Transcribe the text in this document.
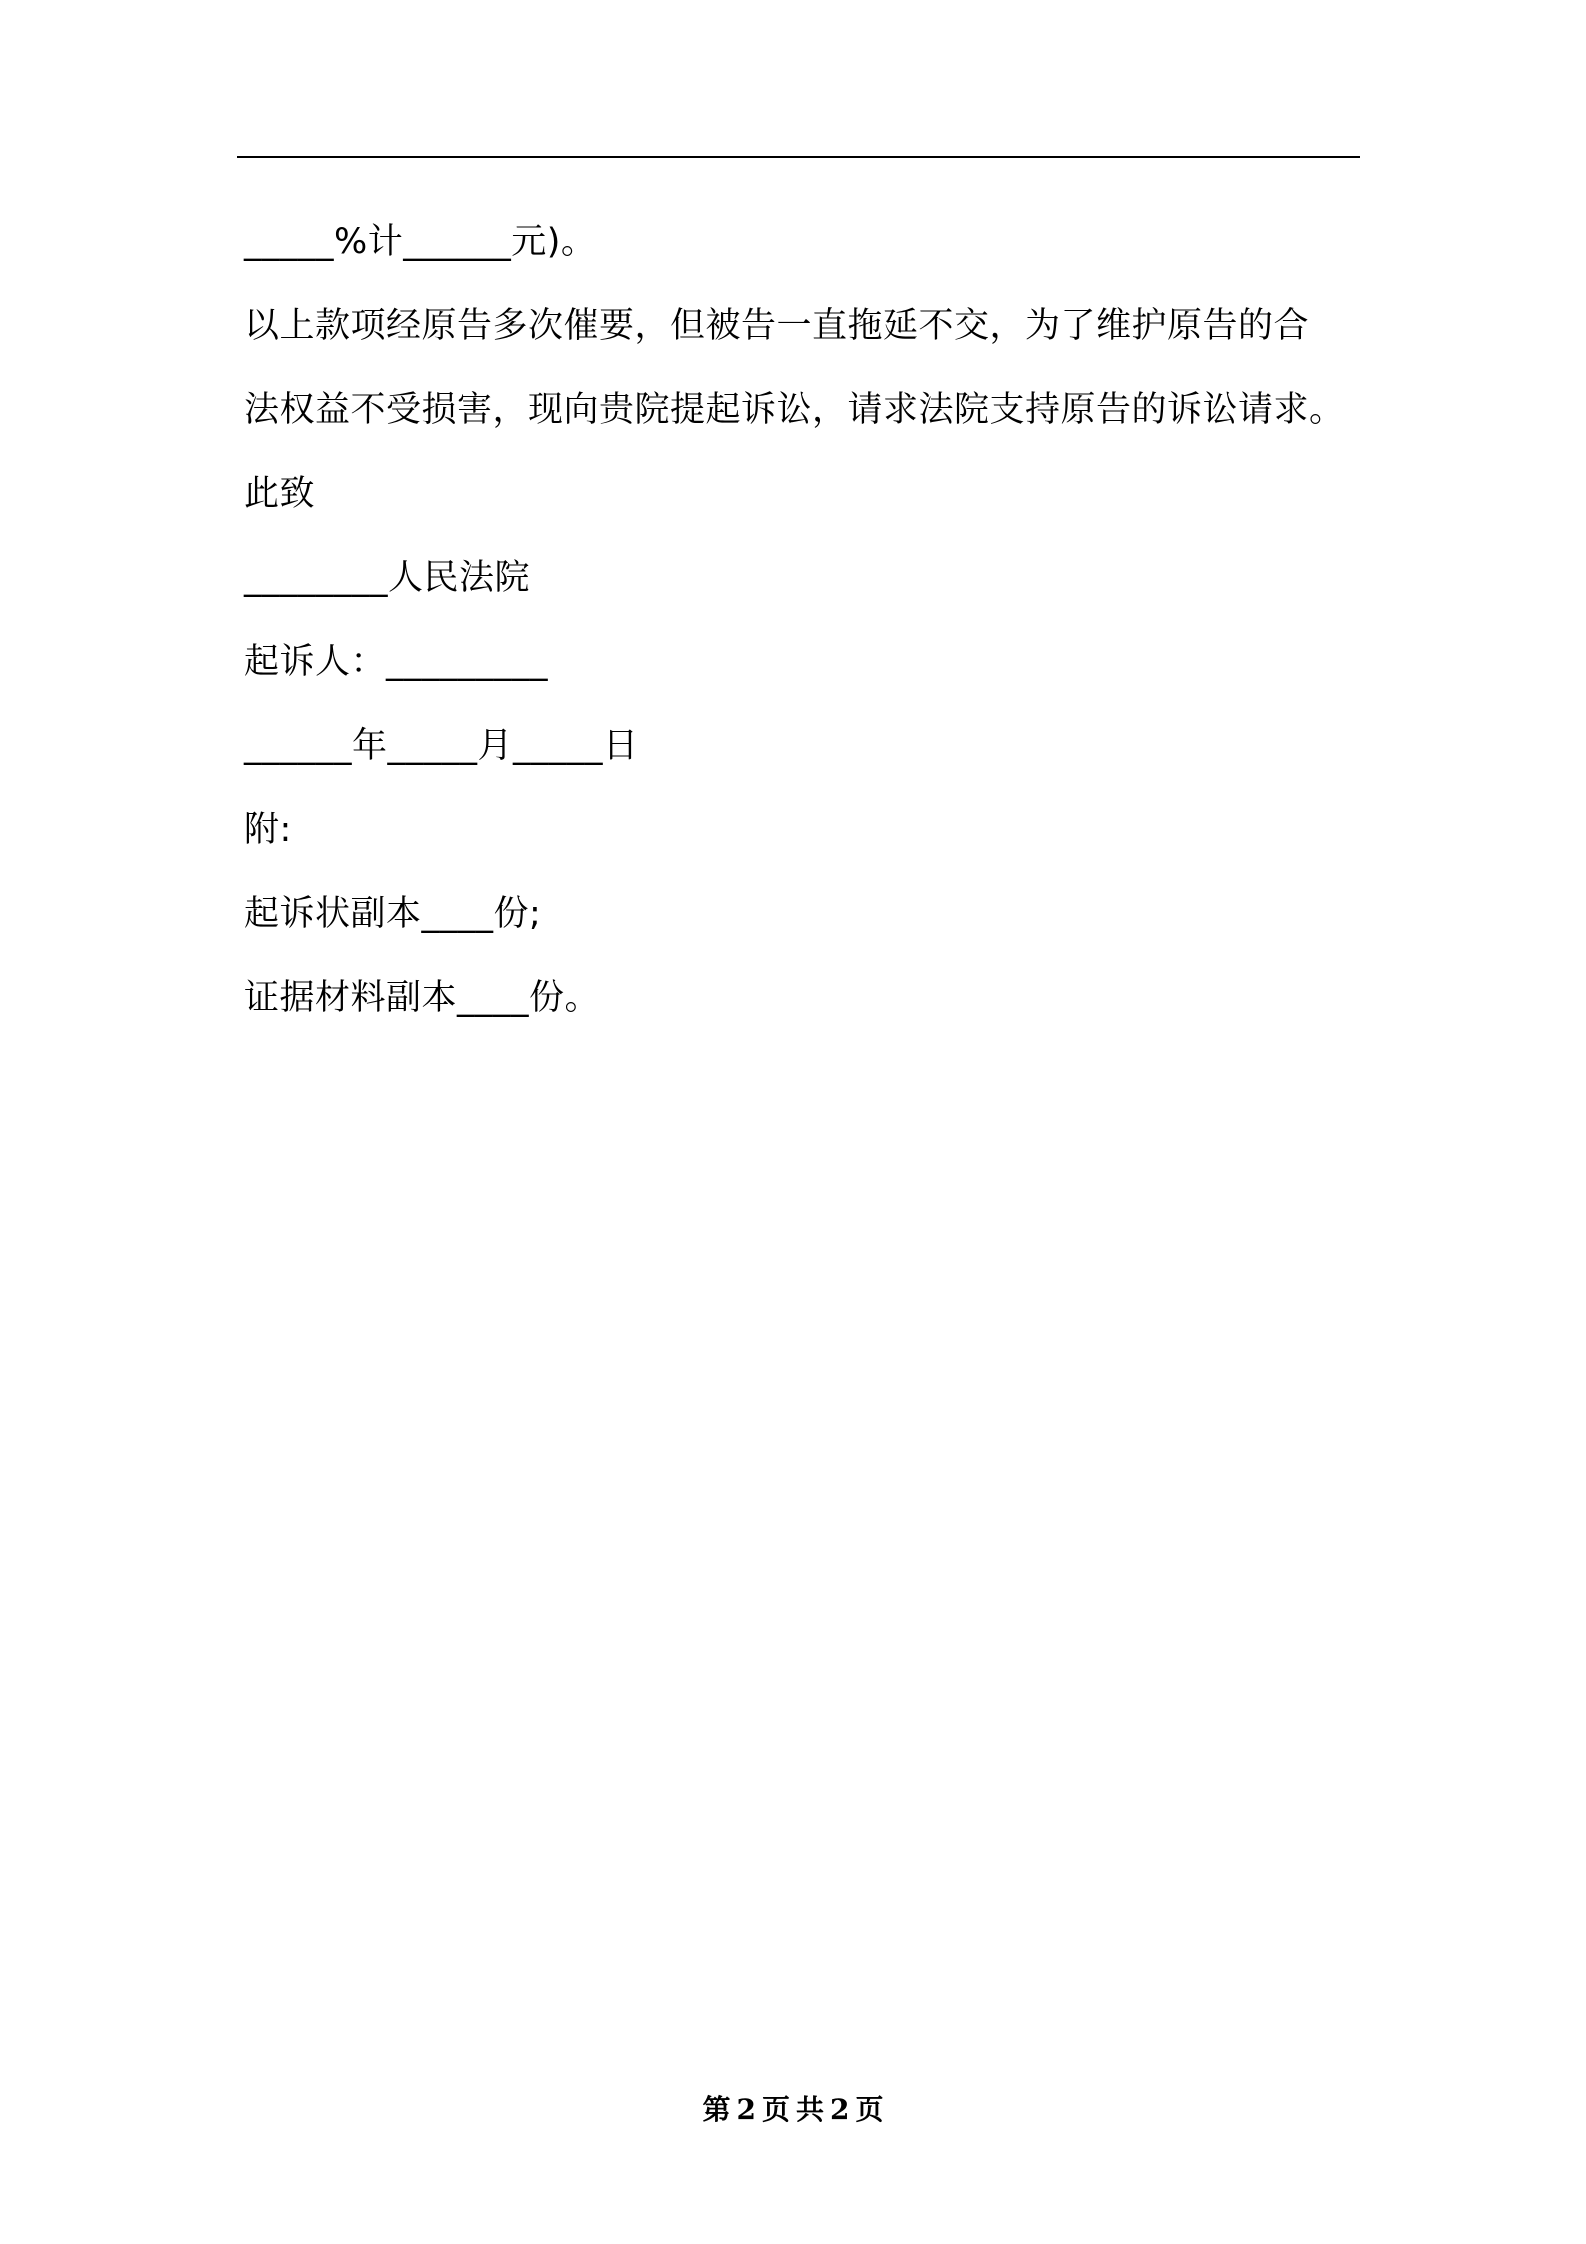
_____%计______元)。
以上款项经原告多次催要，但被告一直拖延不交，为了维护原告的合
法权益不受损害，现向贵院提起诉讼，请求法院支持原告的诉讼请求。
此致
________人民法院
起诉人：_________
______年_____月_____日
附:
起诉状副本____份;
证据材料副本____份。
第 2 页 共 2 页
